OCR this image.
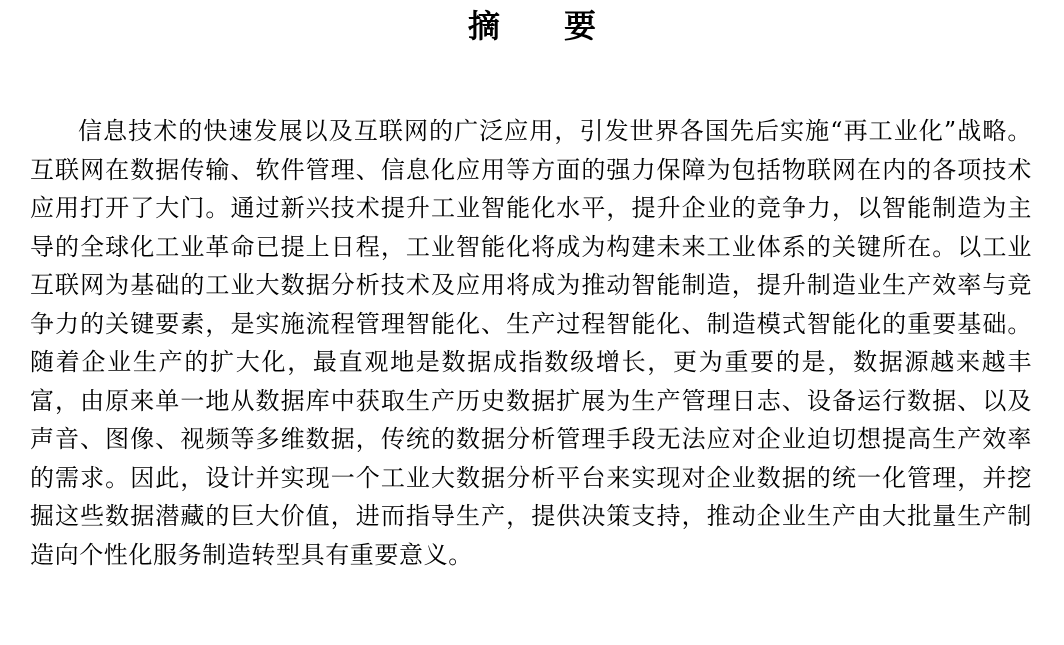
摘 要

信息技术的快速发展以及互联网的广泛应用，引发世界各国先后实施“再工业化”战略。互联网在数据传输、软件管理、信息化应用等方面的强力保障为包括物联网在内的各项技术应用打开了大门。通过新兴技术提升工业智能化水平，提升企业的竞争力，以智能制造为主导的全球化工业革命已提上日程，工业智能化将成为构建未来工业体系的关键所在。以工业互联网为基础的工业大数据分析技术及应用将成为推动智能制造，提升制造业生产效率与竞争力的关键要素，是实施流程管理智能化、生产过程智能化、制造模式智能化的重要基础。随着企业生产的扩大化，最直观地是数据成指数级增长，更为重要的是，数据源越来越丰富，由原来单一地从数据库中获取生产历史数据扩展为生产管理日志、设备运行数据、以及声音、图像、视频等多维数据，传统的数据分析管理手段无法应对企业迫切想提高生产效率的需求。因此，设计并实现一个工业大数据分析平台来实现对企业数据的统一化管理，并挖掘这些数据潜藏的巨大价值，进而指导生产，提供决策支持，推动企业生产由大批量生产制造向个性化服务制造转型具有重要意义。
